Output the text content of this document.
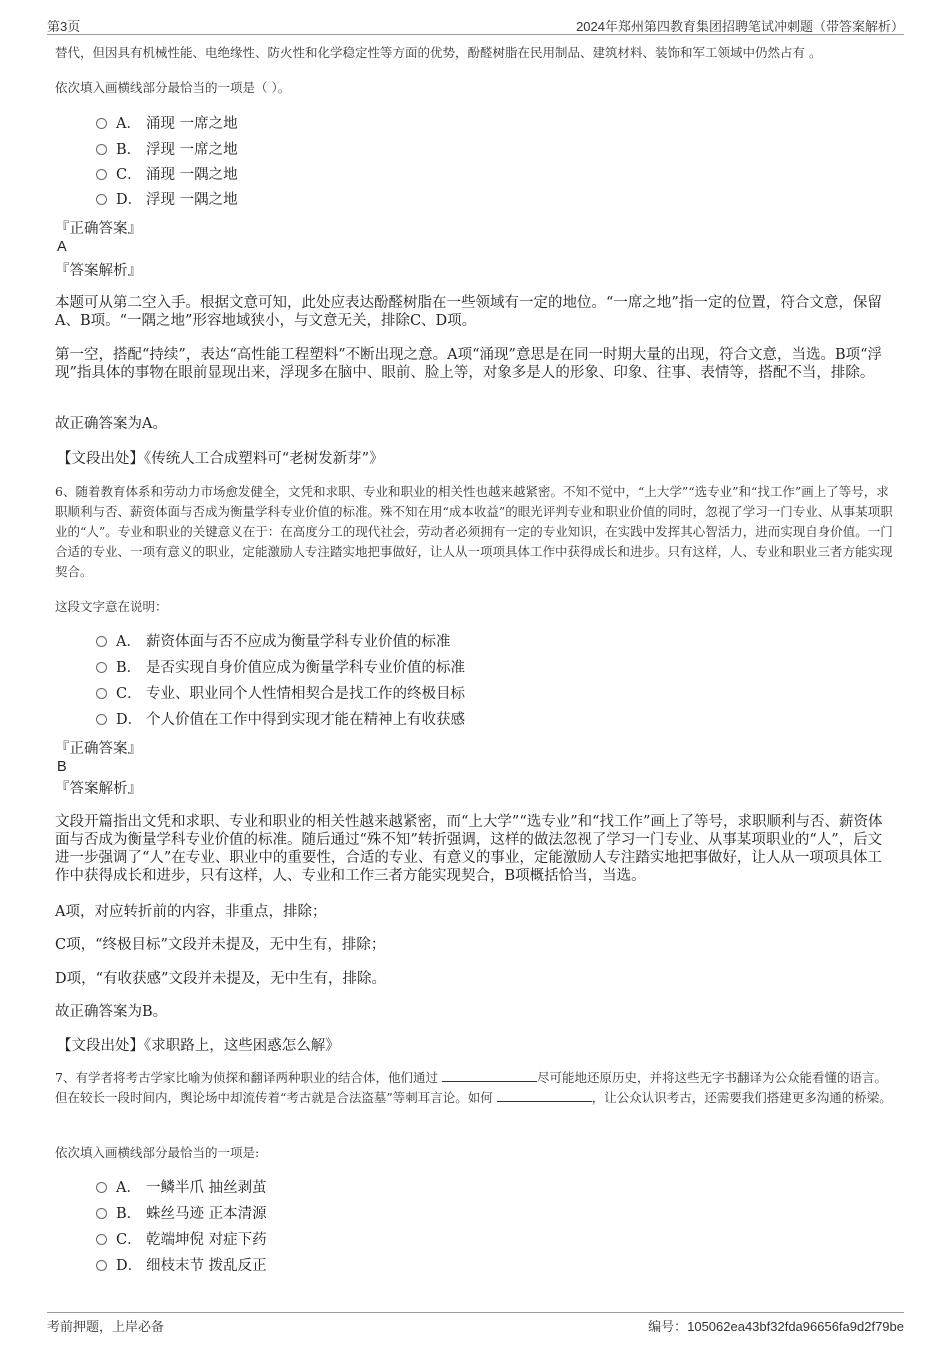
第3页	2024年郑州第四教育集团招聘笔试冲刺题（带答案解析）
替代，但因具有机械性能、电绝缘性、防火性和化学稳定性等方面的优势，酚醛树脂在民用制品、建筑材料、装饰和军工领域中仍然占有 。
依次填入画横线部分最恰当的一项是（ ）。
A． 涌现 一席之地
B． 浮现 一席之地
C． 涌现 一隅之地
D． 浮现 一隅之地
『正确答案』
A
『答案解析』
本题可从第二空入手。根据文意可知，此处应表达酚醛树脂在一些领域有一定的地位。“一席之地”指一定的位置，符合文意，保留A、B项。“一隅之地”形容地域狭小，与文意无关，排除C、D项。
第一空，搭配“持续”，表达“高性能工程塑料”不断出现之意。A项“涌现”意思是在同一时期大量的出现，符合文意，当选。B项“浮现”指具体的事物在眼前显现出来，浮现多在脑中、眼前、脸上等，对象多是人的形象、印象、往事、表情等，搭配不当，排除。
故正确答案为A。
【文段出处】《传统人工合成塑料可“老树发新芽”》
6、随着教育体系和劳动力市场愈发健全，文凭和求职、专业和职业的相关性也越来越紧密。不知不觉中，“上大学”“选专业”和“找工作”画上了等号，求职顺利与否、薪资体面与否成为衡量学科专业价值的标准。殊不知在用“成本收益”的眼光评判专业和职业价值的同时，忽视了学习一门专业、从事某项职业的“人”。专业和职业的关键意义在于：在高度分工的现代社会，劳动者必须拥有一定的专业知识，在实践中发挥其心智活力，进而实现自身价值。一门合适的专业、一项有意义的职业，定能激励人专注踏实地把事做好，让人从一项项具体工作中获得成长和进步。只有这样，人、专业和职业三者方能实现契合。
这段文字意在说明：
A． 薪资体面与否不应成为衡量学科专业价值的标准
B． 是否实现自身价值应成为衡量学科专业价值的标准
C． 专业、职业同个人性情相契合是找工作的终极目标
D． 个人价值在工作中得到实现才能在精神上有收获感
『正确答案』
B
『答案解析』
文段开篇指出文凭和求职、专业和职业的相关性越来越紧密，而“上大学”“选专业”和“找工作”画上了等号，求职顺利与否、薪资体面与否成为衡量学科专业价值的标准。随后通过“殊不知”转折强调，这样的做法忽视了学习一门专业、从事某项职业的“人”，后文进一步强调了“人”在专业、职业中的重要性，合适的专业、有意义的事业，定能激励人专注踏实地把事做好，让人从一项项具体工作中获得成长和进步，只有这样，人、专业和工作三者方能实现契合，B项概括恰当，当选。
A项，对应转折前的内容，非重点，排除；
C项，“终极目标”文段并未提及，无中生有，排除；
D项，“有收获感”文段并未提及，无中生有，排除。
故正确答案为B。
【文段出处】《求职路上，这些困惑怎么解》
7、有学者将考古学家比喻为侦探和翻译两种职业的结合体，他们通过	尽可能地还原历史，并将这些无字书翻译为公众能看懂的语言。但在较长一段时间内，舆论场中却流传着“考古就是合法盗墓”等刺耳言论。如何	，让公众认识考古，还需要我们搭建更多沟通的桥梁。
依次填入画横线部分最恰当的一项是:
A． 一鳞半爪 抽丝剥茧
B． 蛛丝马迹 正本清源
C． 乾端坤倪 对症下药
D． 细枝末节 拨乱反正
考前押题，上岸必备	编号：105062ea43bf32fda96656fa9d2f79be
